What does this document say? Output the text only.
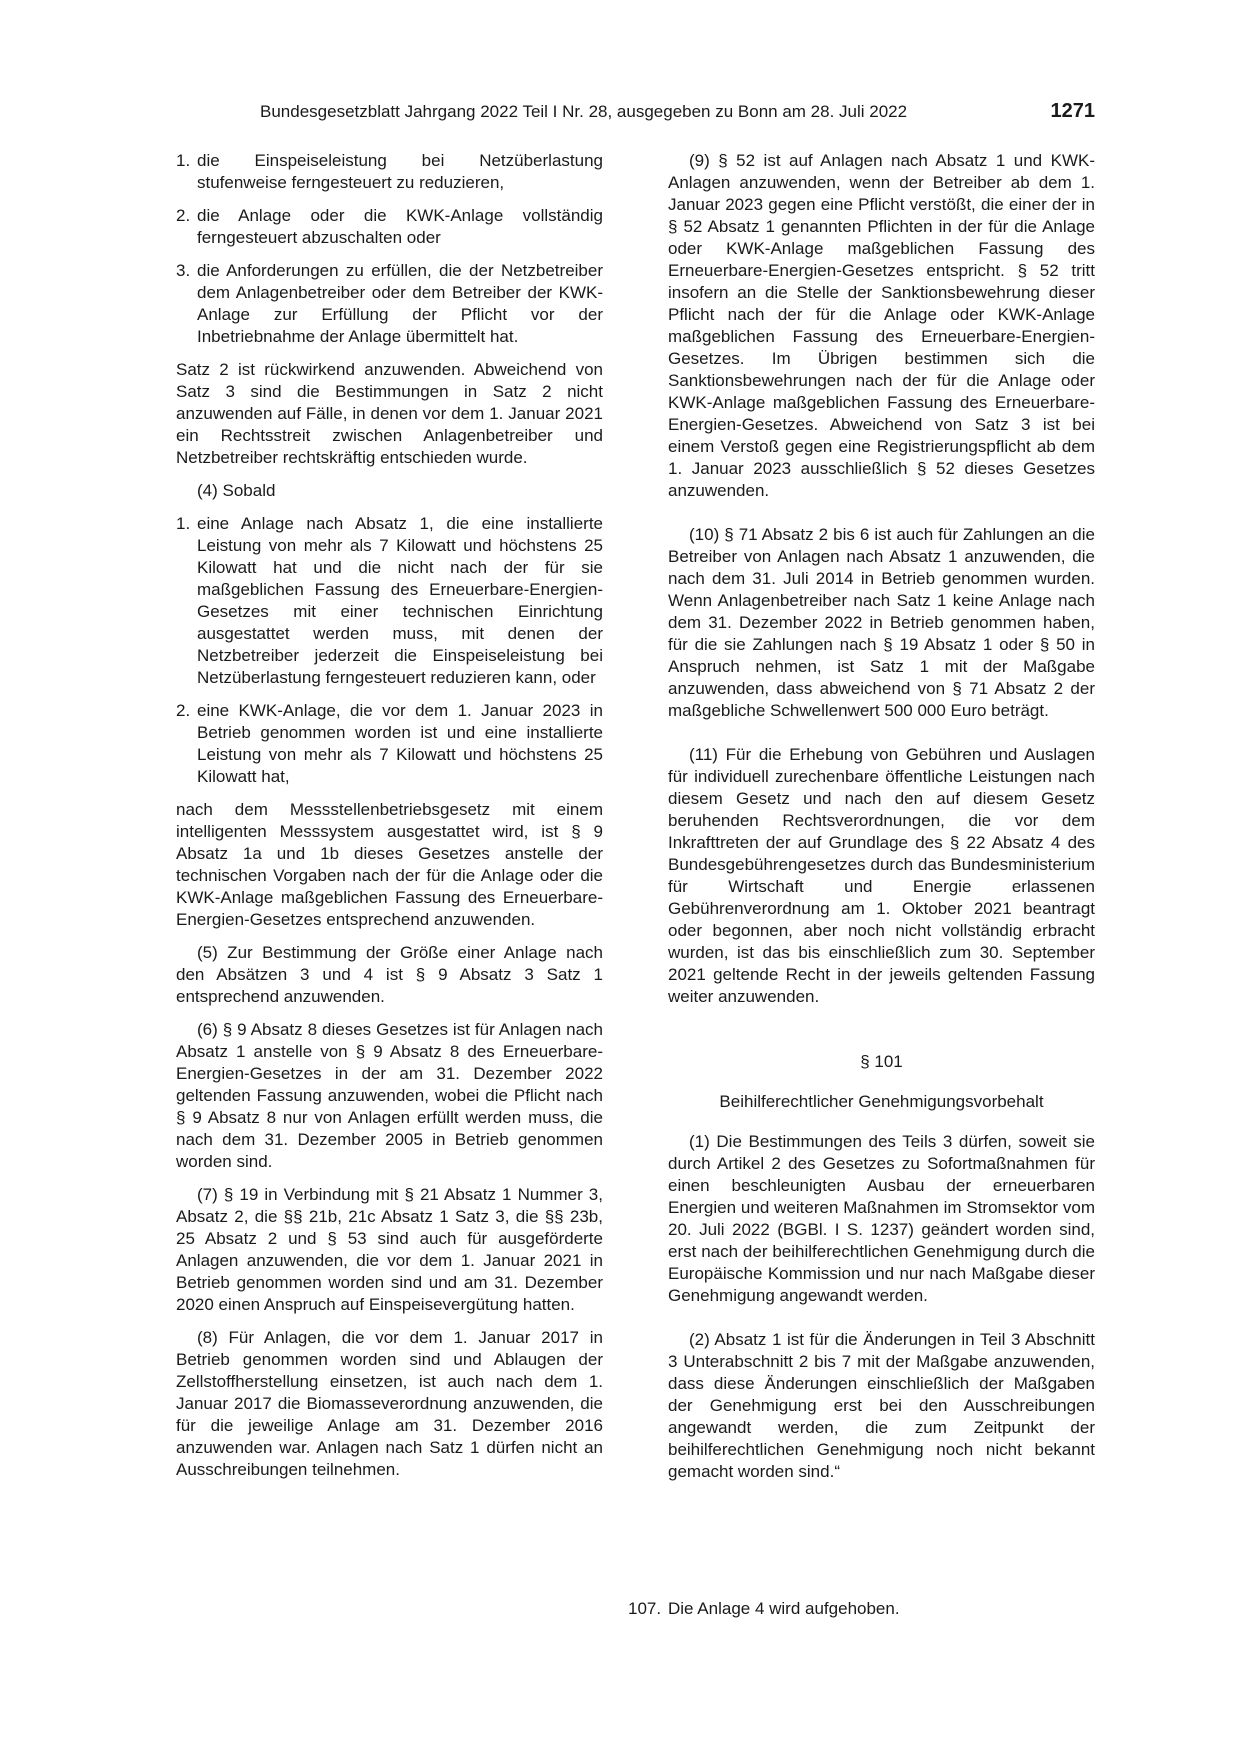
Bundesgesetzblatt Jahrgang 2022 Teil I Nr. 28, ausgegeben zu Bonn am 28. Juli 2022	1271
1. die Einspeiseleistung bei Netzüberlastung stufenweise ferngesteuert zu reduzieren,
2. die Anlage oder die KWK-Anlage vollständig ferngesteuert abzuschalten oder
3. die Anforderungen zu erfüllen, die der Netzbetreiber dem Anlagenbetreiber oder dem Betreiber der KWK-Anlage zur Erfüllung der Pflicht vor der Inbetriebnahme der Anlage übermittelt hat.

Satz 2 ist rückwirkend anzuwenden. Abweichend von Satz 3 sind die Bestimmungen in Satz 2 nicht anzuwenden auf Fälle, in denen vor dem 1. Januar 2021 ein Rechtsstreit zwischen Anlagenbetreiber und Netzbetreiber rechtskräftig entschieden wurde.

(4) Sobald

1. eine Anlage nach Absatz 1, die eine installierte Leistung von mehr als 7 Kilowatt und höchstens 25 Kilowatt hat und die nicht nach der für sie maßgeblichen Fassung des Erneuerbare-Energien-Gesetzes mit einer technischen Einrichtung ausgestattet werden muss, mit denen der Netzbetreiber jederzeit die Einspeiseleistung bei Netzüberlastung ferngesteuert reduzieren kann, oder
2. eine KWK-Anlage, die vor dem 1. Januar 2023 in Betrieb genommen worden ist und eine installierte Leistung von mehr als 7 Kilowatt und höchstens 25 Kilowatt hat,

nach dem Messstellenbetriebsgesetz mit einem intelligenten Messsystem ausgestattet wird, ist § 9 Absatz 1a und 1b dieses Gesetzes anstelle der technischen Vorgaben nach der für die Anlage oder die KWK-Anlage maßgeblichen Fassung des Erneuerbare-Energien-Gesetzes entsprechend anzuwenden.

(5) Zur Bestimmung der Größe einer Anlage nach den Absätzen 3 und 4 ist § 9 Absatz 3 Satz 1 entsprechend anzuwenden.

(6) § 9 Absatz 8 dieses Gesetzes ist für Anlagen nach Absatz 1 anstelle von § 9 Absatz 8 des Erneuerbare-Energien-Gesetzes in der am 31. Dezember 2022 geltenden Fassung anzuwenden, wobei die Pflicht nach § 9 Absatz 8 nur von Anlagen erfüllt werden muss, die nach dem 31. Dezember 2005 in Betrieb genommen worden sind.

(7) § 19 in Verbindung mit § 21 Absatz 1 Nummer 3, Absatz 2, die §§ 21b, 21c Absatz 1 Satz 3, die §§ 23b, 25 Absatz 2 und § 53 sind auch für ausgeförderte Anlagen anzuwenden, die vor dem 1. Januar 2021 in Betrieb genommen worden sind und am 31. Dezember 2020 einen Anspruch auf Einspeisevergütung hatten.

(8) Für Anlagen, die vor dem 1. Januar 2017 in Betrieb genommen worden sind und Ablaugen der Zellstoffherstellung einsetzen, ist auch nach dem 1. Januar 2017 die Biomasseverordnung anzuwenden, die für die jeweilige Anlage am 31. Dezember 2016 anzuwenden war. Anlagen nach Satz 1 dürfen nicht an Ausschreibungen teilnehmen.

(9) § 52 ist auf Anlagen nach Absatz 1 und KWK-Anlagen anzuwenden, wenn der Betreiber ab dem 1. Januar 2023 gegen eine Pflicht verstößt, die einer der in § 52 Absatz 1 genannten Pflichten in der für die Anlage oder KWK-Anlage maßgeblichen Fassung des Erneuerbare-Energien-Gesetzes entspricht. § 52 tritt insofern an die Stelle der Sanktionsbewehrung dieser Pflicht nach der für die Anlage oder KWK-Anlage maßgeblichen Fassung des Erneuerbare-Energien-Gesetzes. Im Übrigen bestimmen sich die Sanktionsbewehrungen nach der für die Anlage oder KWK-Anlage maßgeblichen Fassung des Erneuerbare-Energien-Gesetzes. Abweichend von Satz 3 ist bei einem Verstoß gegen eine Registrierungspflicht ab dem 1. Januar 2023 ausschließlich § 52 dieses Gesetzes anzuwenden.

(10) § 71 Absatz 2 bis 6 ist auch für Zahlungen an die Betreiber von Anlagen nach Absatz 1 anzuwenden, die nach dem 31. Juli 2014 in Betrieb genommen wurden. Wenn Anlagenbetreiber nach Satz 1 keine Anlage nach dem 31. Dezember 2022 in Betrieb genommen haben, für die sie Zahlungen nach § 19 Absatz 1 oder § 50 in Anspruch nehmen, ist Satz 1 mit der Maßgabe anzuwenden, dass abweichend von § 71 Absatz 2 der maßgebliche Schwellenwert 500 000 Euro beträgt.

(11) Für die Erhebung von Gebühren und Auslagen für individuell zurechenbare öffentliche Leistungen nach diesem Gesetz und nach den auf diesem Gesetz beruhenden Rechtsverordnungen, die vor dem Inkrafttreten der auf Grundlage des § 22 Absatz 4 des Bundesgebührengesetzes durch das Bundesministerium für Wirtschaft und Energie erlassenen Gebührenverordnung am 1. Oktober 2021 beantragt oder begonnen, aber noch nicht vollständig erbracht wurden, ist das bis einschließlich zum 30. September 2021 geltende Recht in der jeweils geltenden Fassung weiter anzuwenden.

§ 101

Beihilferechtlicher Genehmigungsvorbehalt

(1) Die Bestimmungen des Teils 3 dürfen, soweit sie durch Artikel 2 des Gesetzes zu Sofortmaßnahmen für einen beschleunigten Ausbau der erneuerbaren Energien und weiteren Maßnahmen im Stromsektor vom 20. Juli 2022 (BGBl. I S. 1237) geändert worden sind, erst nach der beihilferechtlichen Genehmigung durch die Europäische Kommission und nur nach Maßgabe dieser Genehmigung angewandt werden.

(2) Absatz 1 ist für die Änderungen in Teil 3 Abschnitt 3 Unterabschnitt 2 bis 7 mit der Maßgabe anzuwenden, dass diese Änderungen einschließlich der Maßgaben der Genehmigung erst bei den Ausschreibungen angewandt werden, die zum Zeitpunkt der beihilferechtlichen Genehmigung noch nicht bekannt gemacht worden sind.“

107. Die Anlage 4 wird aufgehoben.
